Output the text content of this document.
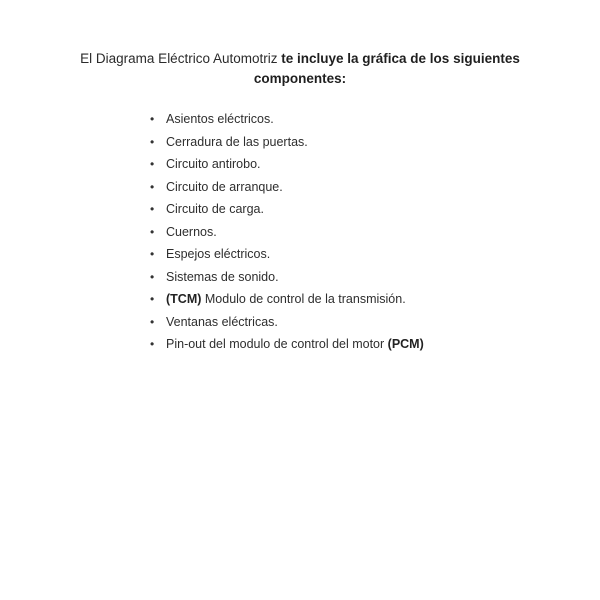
El Diagrama Eléctrico Automotriz te incluye la gráfica de los siguientes componentes:

• Asientos eléctricos.
• Cerradura de las puertas.
• Circuito antirobo.
• Circuito de arranque.
• Circuito de carga.
• Cuernos.
• Espejos eléctricos.
• Sistemas de sonido.
• (TCM) Modulo de control de la transmisión.
• Ventanas eléctricas.
• Pin-out del modulo de control del motor (PCM)
